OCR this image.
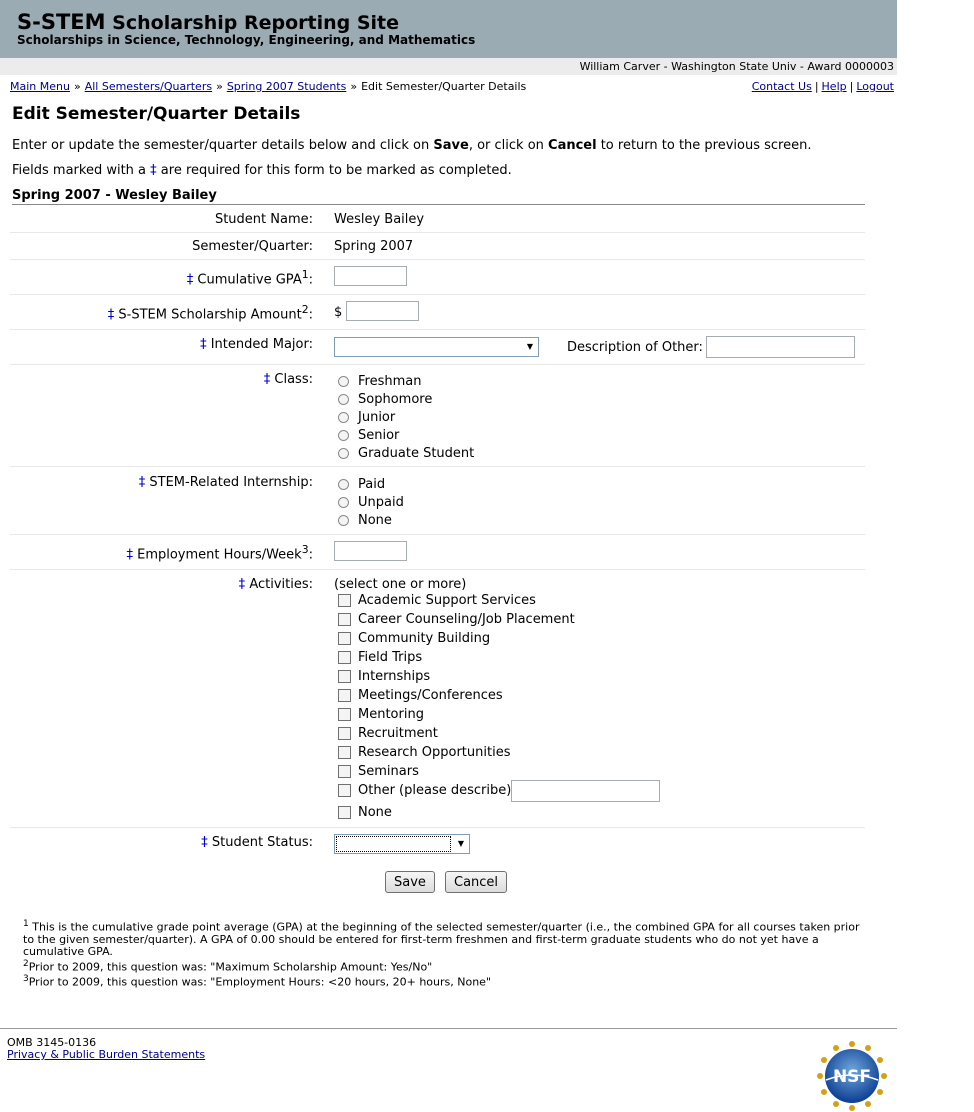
S-STEM Scholarship Reporting Site
Scholarships in Science, Technology, Engineering, and Mathematics
William Carver - Washington State Univ - Award 0000003
Main Menu » All Semesters/Quarters » Spring 2007 Students » Edit Semester/Quarter Details	Contact Us | Help | Logout
Edit Semester/Quarter Details
Enter or update the semester/quarter details below and click on Save, or click on Cancel to return to the previous screen.
Fields marked with a ‡ are required for this form to be marked as completed.
Spring 2007 - Wesley Bailey
Student Name: Wesley Bailey
Semester/Quarter: Spring 2007
‡ Cumulative GPA$^1$:
‡ S-STEM Scholarship Amount$^2$: $
‡ Intended Major:	▼	Description of Other:
‡ Class:	Freshman
Sophomore
Junior
Senior
Graduate Student
‡ STEM-Related Internship:	Paid
Unpaid
None
‡ Employment Hours/Week$^3$:
‡ Activities: (select one or more)
Academic Support Services
Career Counseling/Job Placement
Community Building
Field Trips
Internships
Meetings/Conferences
Mentoring
Recruitment
Research Opportunities
Seminars
Other (please describe)
None
‡ Student Status:	▼
Save	Cancel

$^1$ This is the cumulative grade point average (GPA) at the beginning of the selected semester/quarter (i.e., the combined GPA for all courses taken prior to the given semester/quarter). A GPA of 0.00 should be entered for first-term freshmen and first-term graduate students who do not yet have a cumulative GPA.

$^2$Prior to 2009, this question was: "Maximum Scholarship Amount: Yes/No"

$^3$Prior to 2009, this question was: "Employment Hours: <20 hours, 20+ hours, None"

OMB 3145-0136
Privacy & Public Burden Statements
NSF
